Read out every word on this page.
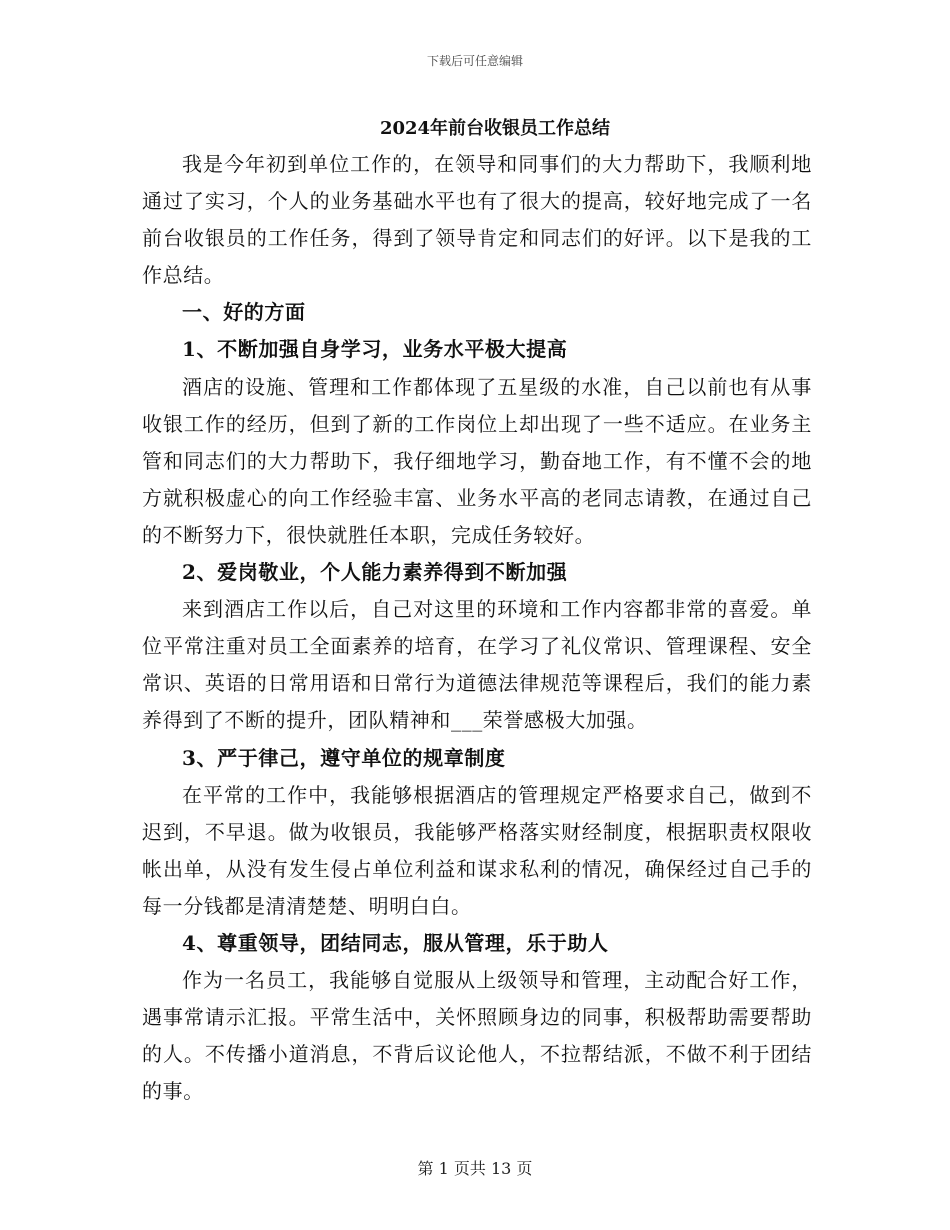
下载后可任意编辑
2024年前台收银员工作总结

我是今年初到单位工作的，在领导和同事们的大力帮助下，我顺利地通过了实习，个人的业务基础水平也有了很大的提高，较好地完成了一名前台收银员的工作任务，得到了领导肯定和同志们的好评。以下是我的工作总结。

一、好的方面

1、不断加强自身学习，业务水平极大提高

酒店的设施、管理和工作都体现了五星级的水准，自己以前也有从事收银工作的经历，但到了新的工作岗位上却出现了一些不适应。在业务主管和同志们的大力帮助下，我仔细地学习，勤奋地工作，有不懂不会的地方就积极虚心的向工作经验丰富、业务水平高的老同志请教，在通过自己的不断努力下，很快就胜任本职，完成任务较好。

2、爱岗敬业，个人能力素养得到不断加强

来到酒店工作以后，自己对这里的环境和工作内容都非常的喜爱。单位平常注重对员工全面素养的培育，在学习了礼仪常识、管理课程、安全常识、英语的日常用语和日常行为道德法律规范等课程后，我们的能力素养得到了不断的提升，团队精神和___荣誉感极大加强。

3、严于律己，遵守单位的规章制度

在平常的工作中，我能够根据酒店的管理规定严格要求自己，做到不迟到，不早退。做为收银员，我能够严格落实财经制度，根据职责权限收帐出单，从没有发生侵占单位利益和谋求私利的情况，确保经过自己手的每一分钱都是清清楚楚、明明白白。

4、尊重领导，团结同志，服从管理，乐于助人

作为一名员工，我能够自觉服从上级领导和管理，主动配合好工作，遇事常请示汇报。平常生活中，关怀照顾身边的同事，积极帮助需要帮助的人。不传播小道消息，不背后议论他人，不拉帮结派，不做不利于团结的事。

第 1 页共 13 页
